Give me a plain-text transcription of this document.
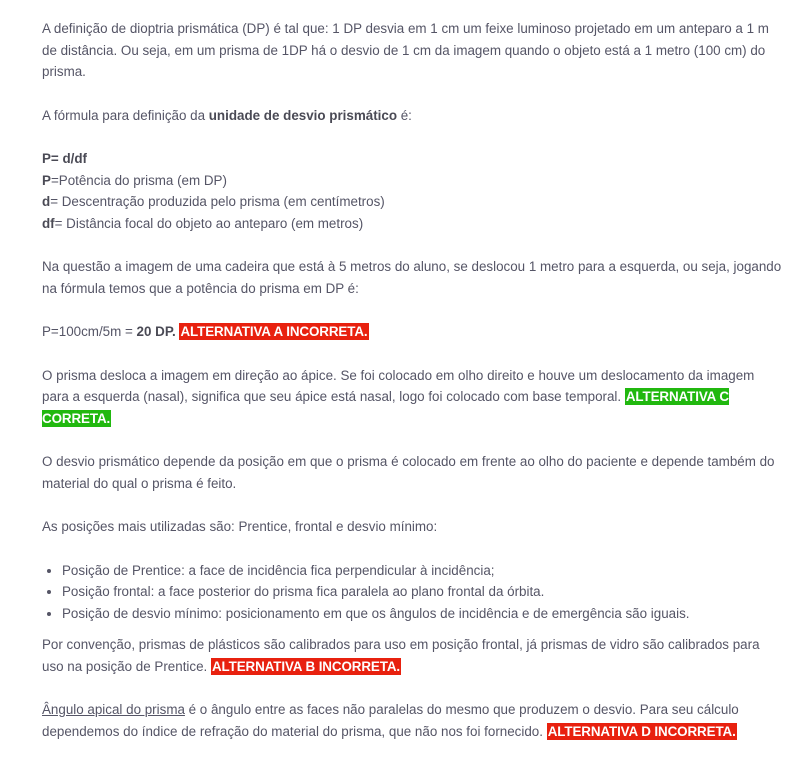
A definição de dioptria prismática (DP) é tal que: 1 DP desvia em 1 cm um feixe luminoso projetado em um anteparo a 1 m de distância. Ou seja, em um prisma de 1DP há o desvio de 1 cm da imagem quando o objeto está a 1 metro (100 cm) do prisma.

A fórmula para definição da unidade de desvio prismático é:

P= d/df
P=Potência do prisma (em DP)
d= Descentração produzida pelo prisma (em centímetros)
df= Distância focal do objeto ao anteparo (em metros)

Na questão a imagem de uma cadeira que está à 5 metros do aluno, se deslocou 1 metro para a esquerda, ou seja, jogando na fórmula temos que a potência do prisma em DP é:

P=100cm/5m = 20 DP. ALTERNATIVA A INCORRETA.

O prisma desloca a imagem em direção ao ápice. Se foi colocado em olho direito e houve um deslocamento da imagem para a esquerda (nasal), significa que seu ápice está nasal, logo foi colocado com base temporal. ALTERNATIVA C CORRETA.

O desvio prismático depende da posição em que o prisma é colocado em frente ao olho do paciente e depende também do material do qual o prisma é feito.

As posições mais utilizadas são: Prentice, frontal e desvio mínimo:

• Posição de Prentice: a face de incidência fica perpendicular à incidência;
• Posição frontal: a face posterior do prisma fica paralela ao plano frontal da órbita.
• Posição de desvio mínimo: posicionamento em que os ângulos de incidência e de emergência são iguais.

Por convenção, prismas de plásticos são calibrados para uso em posição frontal, já prismas de vidro são calibrados para uso na posição de Prentice. ALTERNATIVA B INCORRETA.

Ângulo apical do prisma é o ângulo entre as faces não paralelas do mesmo que produzem o desvio. Para seu cálculo dependemos do índice de refração do material do prisma, que não nos foi fornecido. ALTERNATIVA D INCORRETA.
